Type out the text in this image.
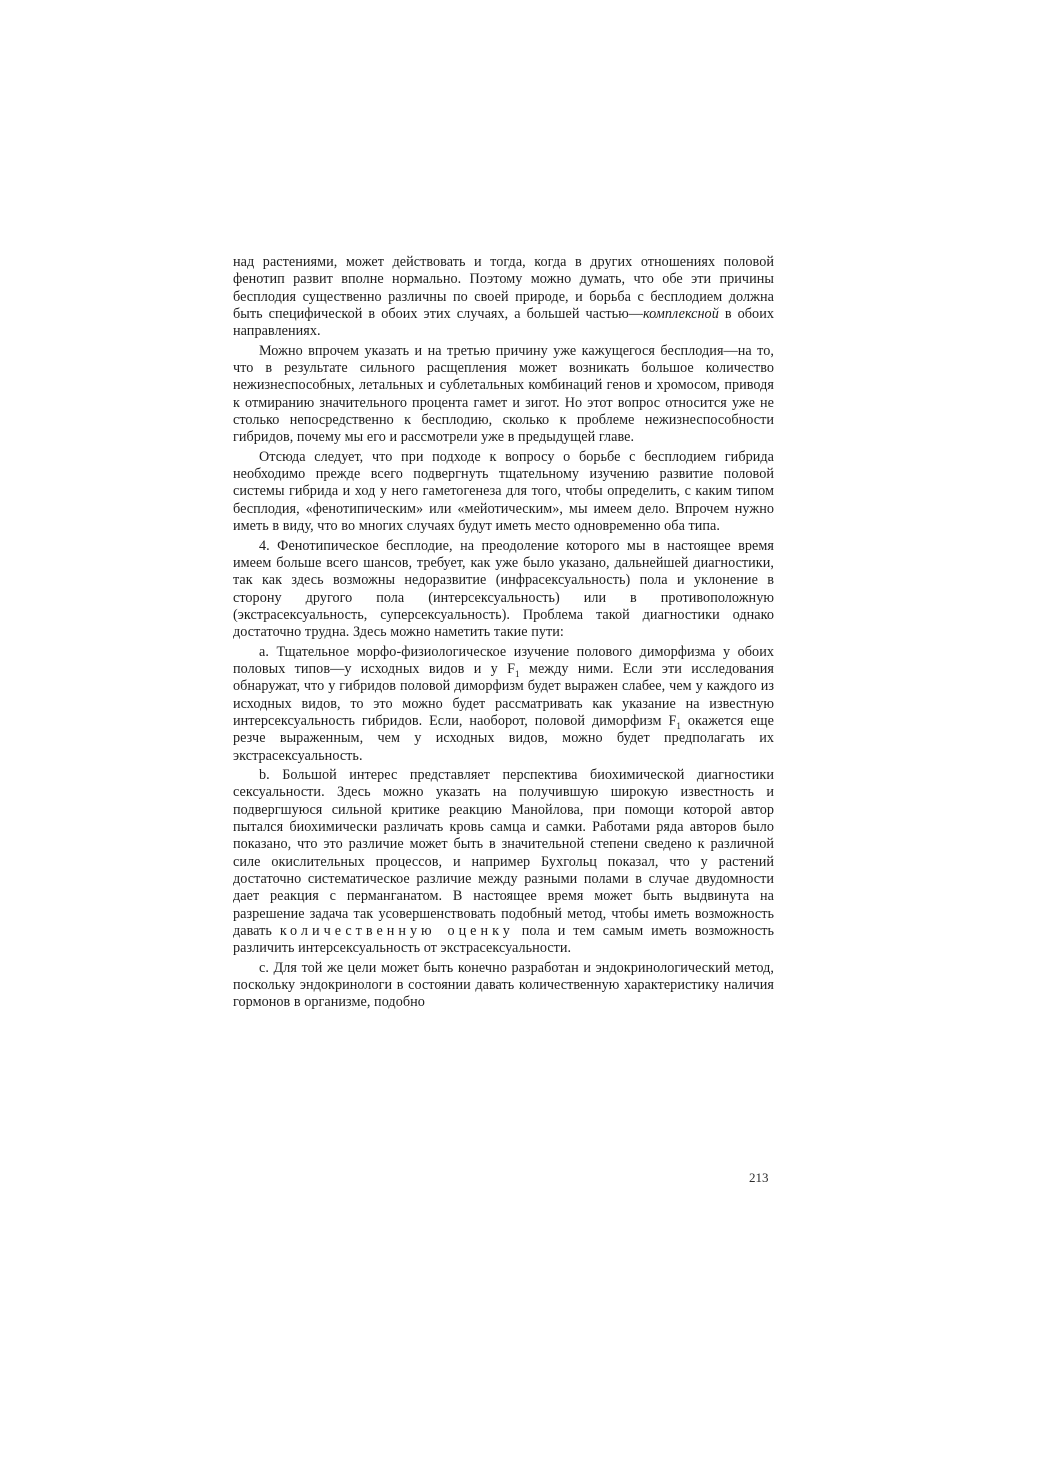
над растениями, может действовать и тогда, когда в других отношениях половой фенотип развит вполне нормально. Поэтому можно думать, что обе эти причины бесплодия существенно различны по своей природе, и борьба с бесплодием должна быть специфической в обоих этих случаях, а большей частью—комплексной в обоих направлениях.

Можно впрочем указать и на третью причину уже кажущегося бесплодия—на то, что в результате сильного расщепления может возникать большое количество нежизнеспособных, летальных и сублетальных комбинаций генов и хромосом, приводя к отмиранию значительного процента гамет и зигот. Но этот вопрос относится уже не столько непосредственно к бесплодию, сколько к проблеме нежизнеспособности гибридов, почему мы его и рассмотрели уже в предыдущей главе.

Отсюда следует, что при подходе к вопросу о борьбе с бесплодием гибрида необходимо прежде всего подвергнуть тщательному изучению развитие половой системы гибрида и ход у него гаметогенеза для того, чтобы определить, с каким типом бесплодия, «фенотипическим» или «мейотическим», мы имеем дело. Впрочем нужно иметь в виду, что во многих случаях будут иметь место одновременно оба типа.

4. Фенотипическое бесплодие, на преодоление которого мы в настоящее время имеем больше всего шансов, требует, как уже было указано, дальнейшей диагностики, так как здесь возможны недоразвитие (инфрасексуальность) пола и уклонение в сторону другого пола (интерсексуальность) или в противоположную (экстрасексуальность, суперсексуальность). Проблема такой диагностики однако достаточно трудна. Здесь можно наметить такие пути:

a. Тщательное морфо-физиологическое изучение полового диморфизма у обоих половых типов—у исходных видов и у $F_1$ между ними. Если эти исследования обнаружат, что у гибридов половой диморфизм будет выражен слабее, чем у каждого из исходных видов, то это можно будет рассматривать как указание на известную интерсексуальность гибридов. Если, наоборот, половой диморфизм $F_1$ окажется еще резче выраженным, чем у исходных видов, можно будет предполагать их экстрасексуальность.

b. Большой интерес представляет перспектива биохимической диагностики сексуальности. Здесь можно указать на получившую широкую известность и подвергшуюся сильной критике реакцию Манойлова, при помощи которой автор пытался биохимически различать кровь самца и самки. Работами ряда авторов было показано, что это различие может быть в значительной степени сведено к различной силе окислительных процессов, и например Бухгольц показал, что у растений достаточно систематическое различие между разными полами в случае двудомности дает реакция с перманганатом. В настоящее время может быть выдвинута на разрешение задача так усовершенствовать подобный метод, чтобы иметь возможность давать количественную оценку пола и тем самым иметь возможность различить интерсексуальность от экстрасексуальности.

c. Для той же цели может быть конечно разработан и эндокринологический метод, поскольку эндокринологи в состоянии давать количественную характеристику наличия гормонов в организме, подобно

213
